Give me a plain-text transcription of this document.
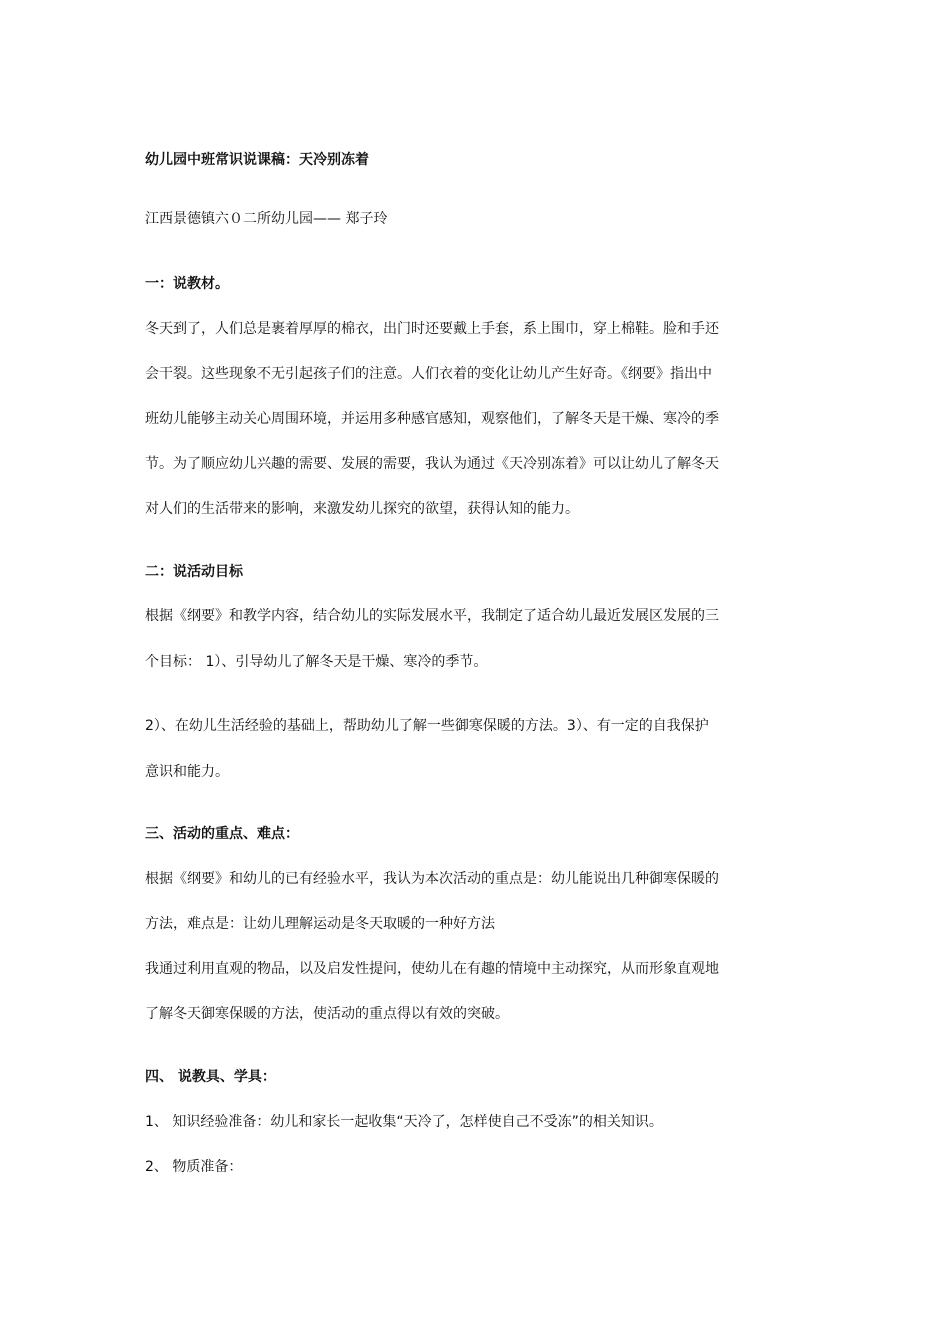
幼儿园中班常识说课稿：天冷别冻着
江西景德镇六０二所幼儿园—— 郑子玲
一：说教材。
冬天到了，人们总是裹着厚厚的棉衣，出门时还要戴上手套，系上围巾，穿上棉鞋。脸和手还
会干裂。这些现象不无引起孩子们的注意。人们衣着的变化让幼儿产生好奇。《纲要》指出中
班幼儿能够主动关心周围环境，并运用多种感官感知，观察他们，了解冬天是干燥、寒冷的季
节。为了顺应幼儿兴趣的需要、发展的需要，我认为通过《天冷别冻着》可以让幼儿了解冬天
对人们的生活带来的影响，来激发幼儿探究的欲望，获得认知的能力。
二：说活动目标
根据《纲要》和教学内容，结合幼儿的实际发展水平，我制定了适合幼儿最近发展区发展的三
个目标： 1）、引导幼儿了解冬天是干燥、寒冷的季节。
2）、在幼儿生活经验的基础上，帮助幼儿了解一些御寒保暖的方法。3）、有一定的自我保护
意识和能力。
三、活动的重点、难点：
根据《纲要》和幼儿的已有经验水平，我认为本次活动的重点是：幼儿能说出几种御寒保暖的
方法，难点是：让幼儿理解运动是冬天取暖的一种好方法
我通过利用直观的物品，以及启发性提问，使幼儿在有趣的情境中主动探究，从而形象直观地
了解冬天御寒保暖的方法，使活动的重点得以有效的突破。
四、 说教具、学具：
1、 知识经验准备：幼儿和家长一起收集“天冷了，怎样使自己不受冻”的相关知识。
2、 物质准备：
